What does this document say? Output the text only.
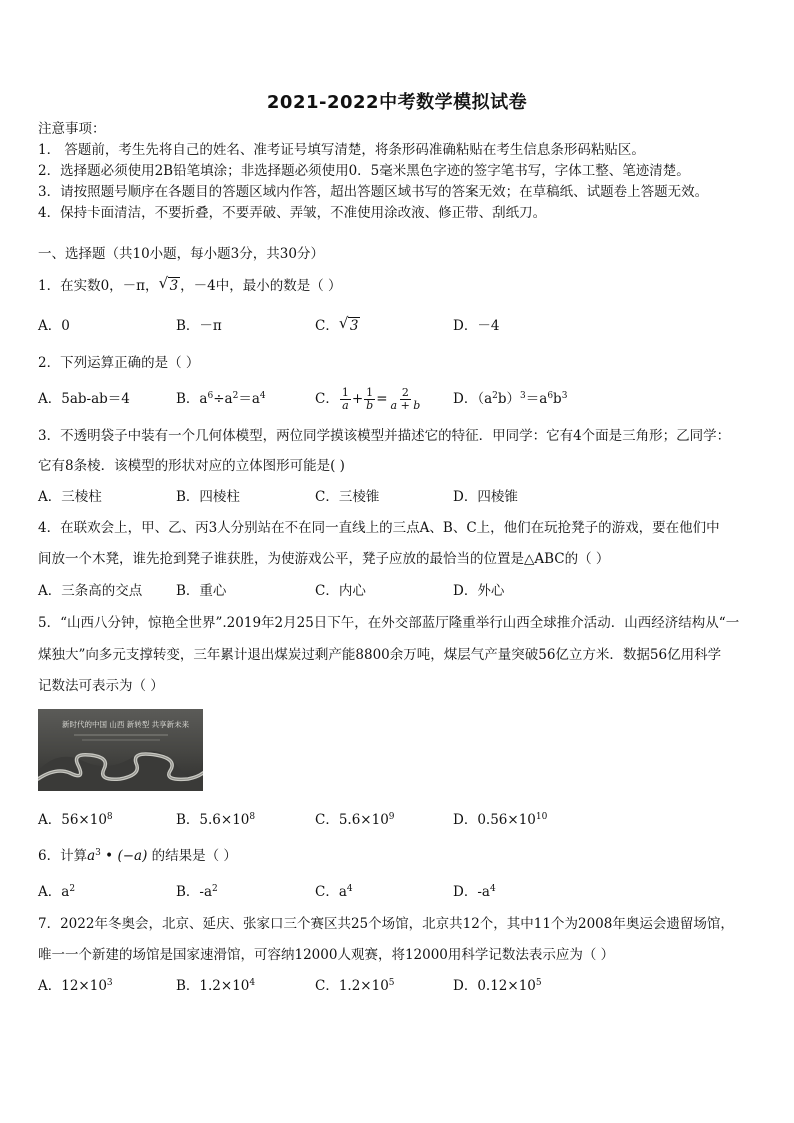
2021-2022中考数学模拟试卷
注意事项：
1． 答题前，考生先将自己的姓名、准考证号填写清楚，将条形码准确粘贴在考生信息条形码粘贴区。
2．选择题必须使用2B铅笔填涂；非选择题必须使用0．5毫米黑色字迹的签字笔书写，字体工整、笔迹清楚。
3．请按照题号顺序在各题目的答题区域内作答，超出答题区域书写的答案无效；在草稿纸、试题卷上答题无效。
4．保持卡面清洁，不要折叠，不要弄破、弄皱，不准使用涂改液、修正带、刮纸刀。
一、选择题（共10小题，每小题3分，共30分）
1．在实数0，－π， √ 3 ，－4中，最小的数是（ ）
A．0	B．－π	C． √ 3	D．－4
2．下列运算正确的是（ ）
A．5ab-ab＝4	B．$a^6\div a^2=a^4$	C． $\frac{1}{a} + \frac{1}{b} = \frac{2}{a + b}$ D．$(a^2b)^3=a^6b^3$
3．不透明袋子中装有一个几何体模型，两位同学摸该模型并描述它的特征．甲同学：它有4个面是三角形；乙同学：
它有8条棱．该模型的形状对应的立体图形可能是( )
A．三棱柱	B．四棱柱	C．三棱锥	D．四棱锥
4．在联欢会上，甲、乙、丙3人分别站在不在同一直线上的三点A、B、C上，他们在玩抢凳子的游戏，要在他们中
间放一个木凳，谁先抢到凳子谁获胜，为使游戏公平，凳子应放的最恰当的位置是△ABC的（ ）
A．三条高的交点	B．重心	C．内心	D．外心
5．“山西八分钟，惊艳全世界”.2019年2月25日下午，在外交部蓝厅隆重举行山西全球推介活动．山西经济结构从“一
煤独大”向多元支撑转变，三年累计退出煤炭过剩产能8800余万吨，煤层气产量突破56亿立方米．数据56亿用科学
记数法可表示为（ ）
新时代的中国 山西 新转型 共享新未来
A．$56\times 10^8$	B．$5.6\times 10^8$	C．$5.6\times 10^9$	D．$0.56\times 10^{10}$
6．计算$a^3$ • (−a) 的结果是（ ）
A．$a^2$	B．$-a^2$	C．$a^4$	D．$-a^4$
7．2022年冬奥会，北京、延庆、张家口三个赛区共25个场馆，北京共12个，其中11个为2008年奥运会遗留场馆，
唯一一个新建的场馆是国家速滑馆，可容纳12000人观赛，将12000用科学记数法表示应为（ ）
A．$12\times 10^3$	B．$1.2\times 10^4$	C．$1.2\times 10^5$	D．$0.12\times 10^5$
